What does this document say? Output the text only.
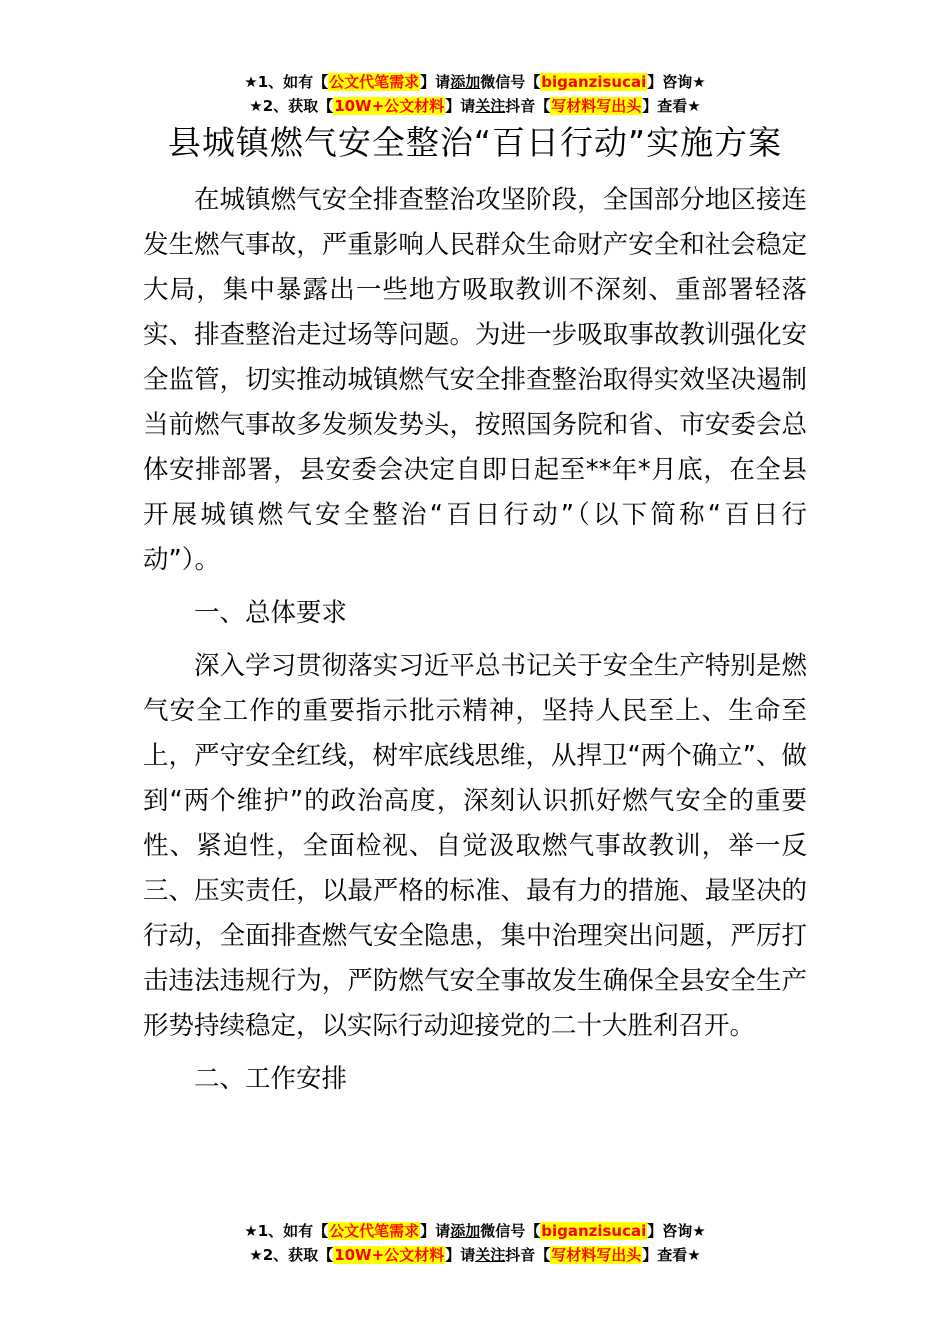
★1、如有【公文代笔需求】请添加微信号【biganzisucai】咨询★
★2、获取【10W+公文材料】请关注抖音【写材料写出头】查看★
县城镇燃气安全整治“百日行动”实施方案

在城镇燃气安全排查整治攻坚阶段，全国部分地区接连发生燃气事故，严重影响人民群众生命财产安全和社会稳定大局，集中暴露出一些地方吸取教训不深刻、重部署轻落实、排查整治走过场等问题。为进一步吸取事故教训强化安全监管，切实推动城镇燃气安全排查整治取得实效坚决遏制当前燃气事故多发频发势头，按照国务院和省、市安委会总体安排部署，县安委会决定自即日起至**年*月底，在全县开展城镇燃气安全整治“百日行动”（以下简称“百日行动”）。

一、总体要求

深入学习贯彻落实习近平总书记关于安全生产特别是燃气安全工作的重要指示批示精神，坚持人民至上、生命至上，严守安全红线，树牢底线思维，从捍卫“两个确立”、做到“两个维护”的政治高度，深刻认识抓好燃气安全的重要性、紧迫性，全面检视、自觉汲取燃气事故教训，举一反三、压实责任，以最严格的标准、最有力的措施、最坚决的行动，全面排查燃气安全隐患，集中治理突出问题，严厉打击违法违规行为，严防燃气安全事故发生确保全县安全生产形势持续稳定，以实际行动迎接党的二十大胜利召开。

二、工作安排

★1、如有【公文代笔需求】请添加微信号【biganzisucai】咨询★
★2、获取【10W+公文材料】请关注抖音【写材料写出头】查看★
